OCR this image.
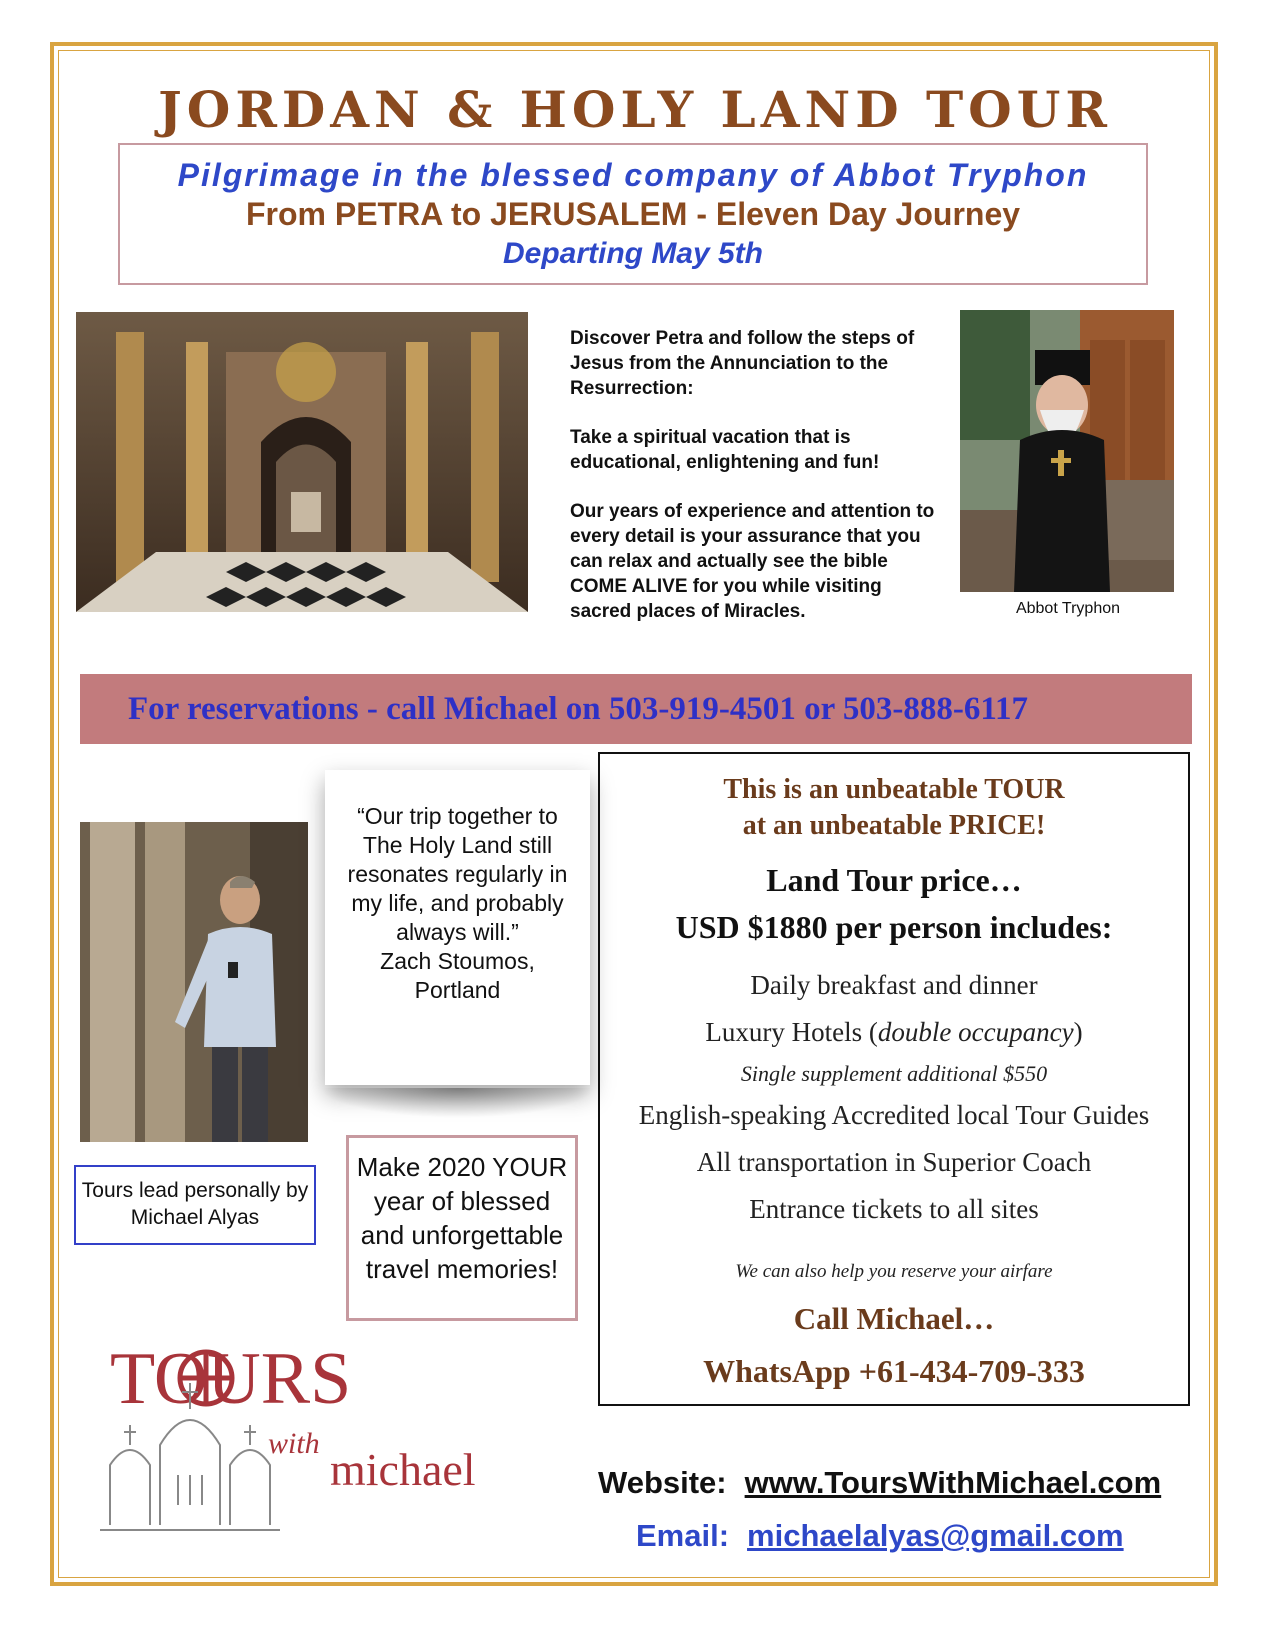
JORDAN & HOLY LAND TOUR
Pilgrimage in the blessed company of Abbot Tryphon
From PETRA to JERUSALEM - Eleven Day Journey
Departing May 5th

Discover Petra and follow the steps of Jesus from the Annunciation to the Resurrection:

Take a spiritual vacation that is educational, enlightening and fun!

Our years of experience and attention to every detail is your assurance that you can relax and actually see the bible COME ALIVE for you while visiting sacred places of Miracles.	Abbot Tryphon
For reservations - call Michael on 503-919-4501 or 503-888-6117
“Our trip together to The Holy Land still resonates regularly in my life, and probably always will.”
Zach Stoumos,
Portland
Tours lead personally by Michael Alyas
Make 2020 YOUR year of blessed and unforgettable travel memories!
This is an unbeatable TOUR
at an unbeatable PRICE!
Land Tour price…
USD $1880 per person includes:
Daily breakfast and dinner
Luxury Hotels (double occupancy)
Single supplement additional $550
English-speaking Accredited local Tour Guides
All transportation in Superior Coach
Entrance tickets to all sites
We can also help you reserve your airfare
Call Michael…
WhatsApp +61-434-709-333
TOURS
with
michael	Website: www.ToursWithMichael.com
Email: michaelalyas@gmail.com
